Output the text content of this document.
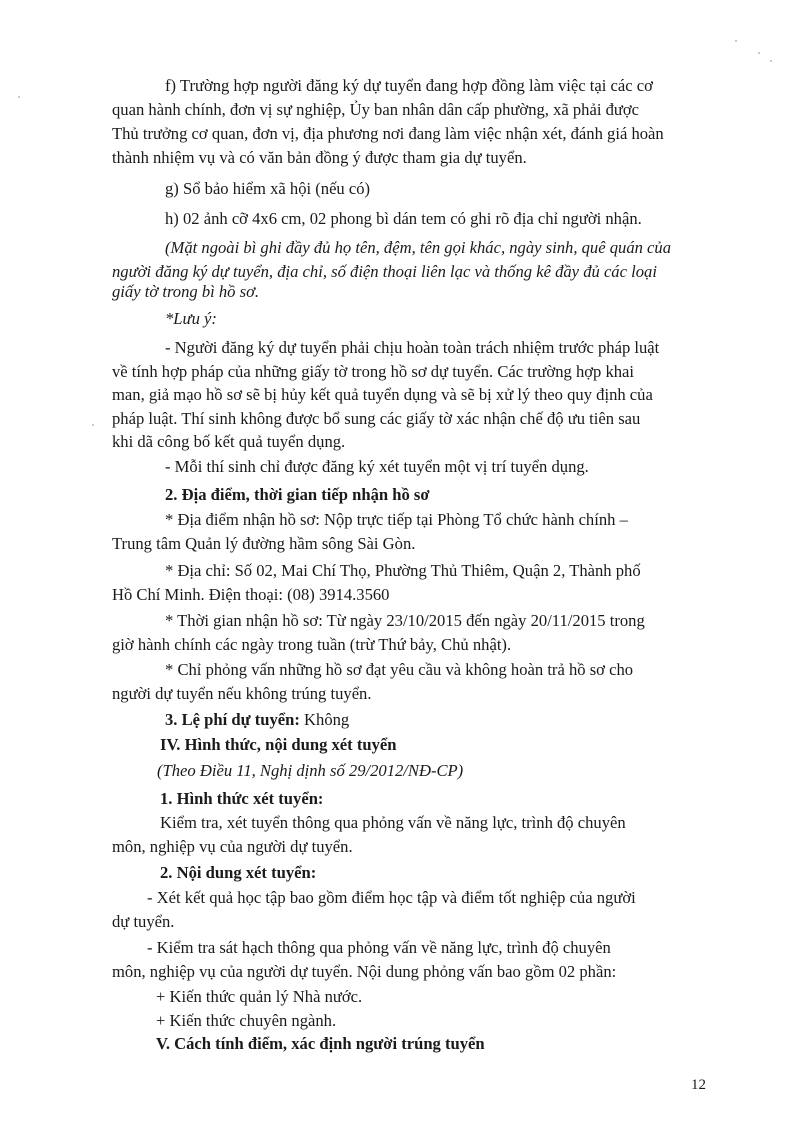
f) Trường hợp người đăng ký dự tuyển đang hợp đồng làm việc tại các cơ

quan hành chính, đơn vị sự nghiệp, Ủy ban nhân dân cấp phường, xã phải được

Thủ trưởng cơ quan, đơn vị, địa phương nơi đang làm việc nhận xét, đánh giá hoàn

thành nhiệm vụ và có văn bản đồng ý được tham gia dự tuyển.

g) Sổ bảo hiểm xã hội (nếu có)

h) 02 ảnh cỡ 4x6 cm, 02 phong bì dán tem có ghi rõ địa chỉ người nhận.

(Mặt ngoài bì ghi đầy đủ họ tên, đệm, tên gọi khác, ngày sinh, quê quán của

người đăng ký dự tuyển, địa chỉ, số điện thoại liên lạc và thống kê đầy đủ các loại

giấy tờ trong bì hồ sơ.

*Lưu ý:

- Người đăng ký dự tuyển phải chịu hoàn toàn trách nhiệm trước pháp luật

về tính hợp pháp của những giấy tờ trong hồ sơ dự tuyển. Các trường hợp khai

man, giả mạo hồ sơ sẽ bị hủy kết quả tuyển dụng và sẽ bị xử lý theo quy định của

pháp luật. Thí sinh không được bổ sung các giấy tờ xác nhận chế độ ưu tiên sau

khi dã công bố kết quả tuyển dụng.

- Mỗi thí sinh chỉ được đăng ký xét tuyển một vị trí tuyển dụng.

2. Địa điểm, thời gian tiếp nhận hồ sơ

* Địa điểm nhận hồ sơ: Nộp trực tiếp tại Phòng Tổ chức hành chính –

Trung tâm Quản lý đường hầm sông Sài Gòn.

* Địa chỉ: Số 02, Mai Chí Thọ, Phường Thủ Thiêm, Quận 2, Thành phố

Hồ Chí Minh. Điện thoại: (08) 3914.3560

* Thời gian nhận hồ sơ: Từ ngày 23/10/2015 đến ngày 20/11/2015 trong

giờ hành chính các ngày trong tuần (trừ Thứ bảy, Chủ nhật).

* Chỉ phỏng vấn những hồ sơ đạt yêu cầu và không hoàn trả hồ sơ cho

người dự tuyển nếu không trúng tuyển.

3. Lệ phí dự tuyển: Không

IV. Hình thức, nội dung xét tuyển

(Theo Điều 11, Nghị dịnh số 29/2012/NĐ-CP)

1. Hình thức xét tuyển:

Kiểm tra, xét tuyển thông qua phỏng vấn về năng lực, trình độ chuyên

môn, nghiệp vụ của người dự tuyển.

2. Nội dung xét tuyển:

- Xét kết quả học tập bao gồm điểm học tập và điểm tốt nghiệp của người

dự tuyển.

- Kiểm tra sát hạch thông qua phỏng vấn về năng lực, trình độ chuyên

môn, nghiệp vụ của người dự tuyển. Nội dung phỏng vấn bao gồm 02 phần:

+ Kiến thức quản lý Nhà nước.

+ Kiến thức chuyên ngành.

V. Cách tính điểm, xác định người trúng tuyển

12
